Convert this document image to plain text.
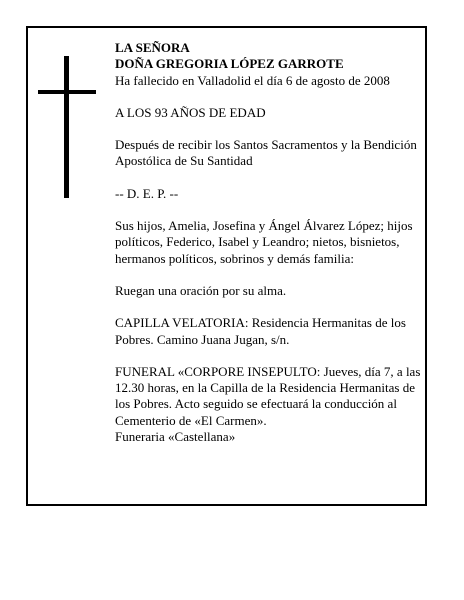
LA SEÑORA

DOÑA GREGORIA LÓPEZ GARROTE

Ha fallecido en Valladolid el día 6 de agosto de 2008

A LOS 93 AÑOS DE EDAD

Después de recibir los Santos Sacramentos y la Bendición Apostólica de Su Santidad

-- D. E. P. --

Sus hijos, Amelia, Josefina y Ángel Álvarez López; hijos políticos, Federico, Isabel y Leandro; nietos, bisnietos, hermanos políticos, sobrinos y demás familia:

Ruegan una oración por su alma.

CAPILLA VELATORIA: Residencia Hermanitas de los Pobres. Camino Juana Jugan, s/n.

FUNERAL «CORPORE INSEPULTO: Jueves, día 7, a las 12.30 horas, en la Capilla de la Residencia Hermanitas de los Pobres. Acto seguido se efectuará la conducción al Cementerio de «El Carmen».

Funeraria «Castellana»
